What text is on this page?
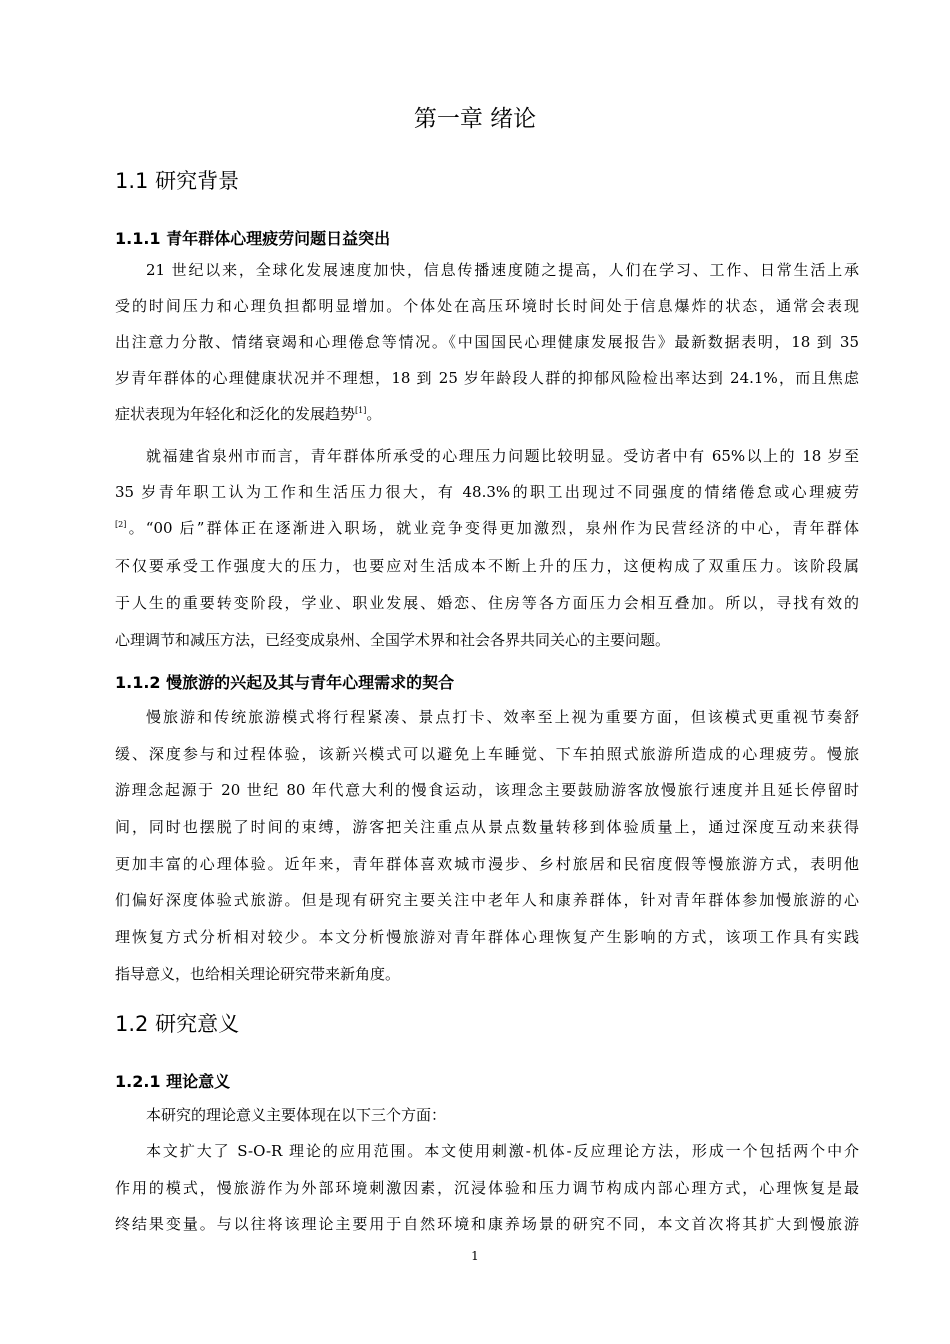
第一章 绪论
1.1 研究背景
1.1.1 青年群体心理疲劳问题日益突出
21 世纪以来，全球化发展速度加快，信息传播速度随之提高，人们在学习、工作、日常生活上承
受的时间压力和心理负担都明显增加。个体处在高压环境时长时间处于信息爆炸的状态，通常会表现
出注意力分散、情绪衰竭和心理倦怠等情况。《中国国民心理健康发展报告》最新数据表明，18 到 35
岁青年群体的心理健康状况并不理想，18 到 25 岁年龄段人群的抑郁风险检出率达到 24.1%，而且焦虑
症状表现为年轻化和泛化的发展趋势[1]。
就福建省泉州市而言，青年群体所承受的心理压力问题比较明显。受访者中有 65%以上的 18 岁至
35 岁青年职工认为工作和生活压力很大，有 48.3%的职工出现过不同强度的情绪倦怠或心理疲劳
[2]。“00 后”群体正在逐渐进入职场，就业竞争变得更加激烈，泉州作为民营经济的中心，青年群体
不仅要承受工作强度大的压力，也要应对生活成本不断上升的压力，这便构成了双重压力。该阶段属
于人生的重要转变阶段，学业、职业发展、婚恋、住房等各方面压力会相互叠加。所以，寻找有效的
心理调节和减压方法，已经变成泉州、全国学术界和社会各界共同关心的主要问题。
1.1.2 慢旅游的兴起及其与青年心理需求的契合
慢旅游和传统旅游模式将行程紧凑、景点打卡、效率至上视为重要方面，但该模式更重视节奏舒
缓、深度参与和过程体验，该新兴模式可以避免上车睡觉、下车拍照式旅游所造成的心理疲劳。慢旅
游理念起源于 20 世纪 80 年代意大利的慢食运动，该理念主要鼓励游客放慢旅行速度并且延长停留时
间，同时也摆脱了时间的束缚，游客把关注重点从景点数量转移到体验质量上，通过深度互动来获得
更加丰富的心理体验。近年来，青年群体喜欢城市漫步、乡村旅居和民宿度假等慢旅游方式，表明他
们偏好深度体验式旅游。但是现有研究主要关注中老年人和康养群体，针对青年群体参加慢旅游的心
理恢复方式分析相对较少。本文分析慢旅游对青年群体心理恢复产生影响的方式，该项工作具有实践
指导意义，也给相关理论研究带来新角度。
1.2 研究意义
1.2.1 理论意义
本研究的理论意义主要体现在以下三个方面：
本文扩大了 S-O-R 理论的应用范围。本文使用刺激-机体-反应理论方法，形成一个包括两个中介
作用的模式，慢旅游作为外部环境刺激因素，沉浸体验和压力调节构成内部心理方式，心理恢复是最
终结果变量。与以往将该理论主要用于自然环境和康养场景的研究不同，本文首次将其扩大到慢旅游
1
